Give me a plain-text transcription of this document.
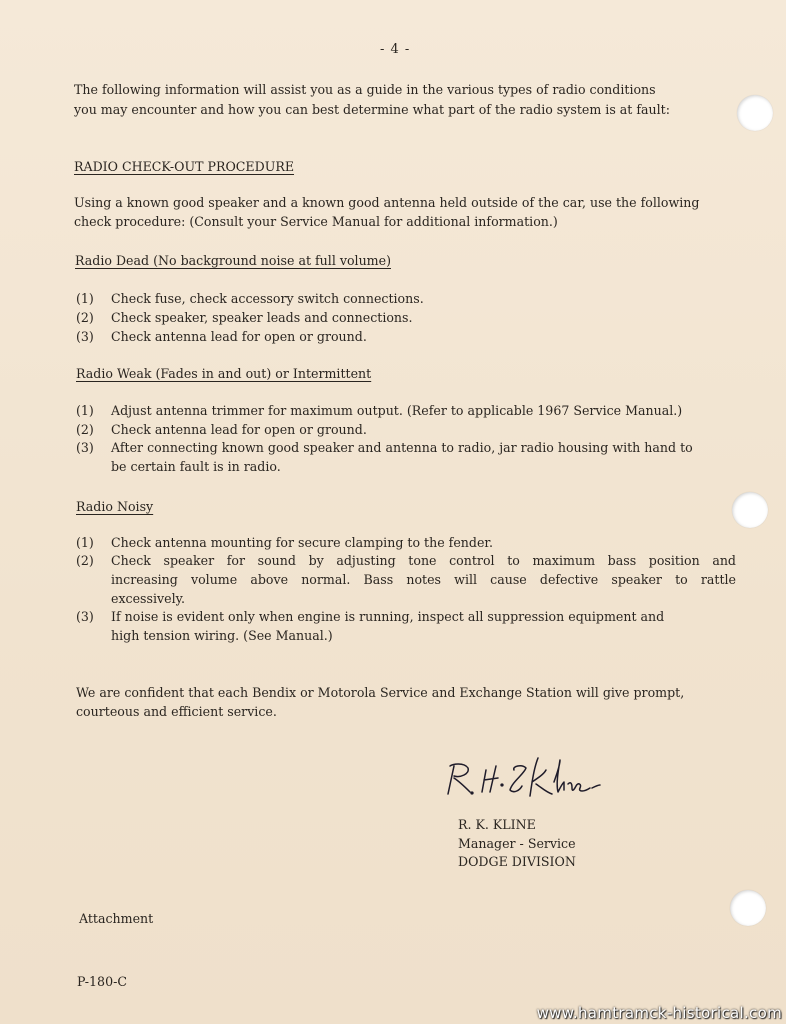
- 4 -
The following information will assist you as a guide in the various types of radio conditions
you may encounter and how you can best determine what part of the radio system is at fault:
RADIO CHECK-OUT PROCEDURE
Using a known good speaker and a known good antenna held outside of the car, use the following
check procedure: (Consult your Service Manual for additional information.)
Radio Dead (No background noise at full volume)
(1) Check fuse, check accessory switch connections.
(2) Check speaker, speaker leads and connections.
(3) Check antenna lead for open or ground.
Radio Weak (Fades in and out) or Intermittent
(1) Adjust antenna trimmer for maximum output. (Refer to applicable 1967 Service Manual.)
(2) Check antenna lead for open or ground.
(3) After connecting known good speaker and antenna to radio, jar radio housing with hand to
be certain fault is in radio.
Radio Noisy
(1) Check antenna mounting for secure clamping to the fender.
(2) Check speaker for sound by adjusting tone control to maximum bass position and
increasing volume above normal. Bass notes will cause defective speaker to rattle
excessively.
(3) If noise is evident only when engine is running, inspect all suppression equipment and
high tension wiring. (See Manual.)
We are confident that each Bendix or Motorola Service and Exchange Station will give prompt,
courteous and efficient service.
R. K. KLINE
Manager - Service
DODGE DIVISION
Attachment
P-180-C
www.hamtramck-historical.com
